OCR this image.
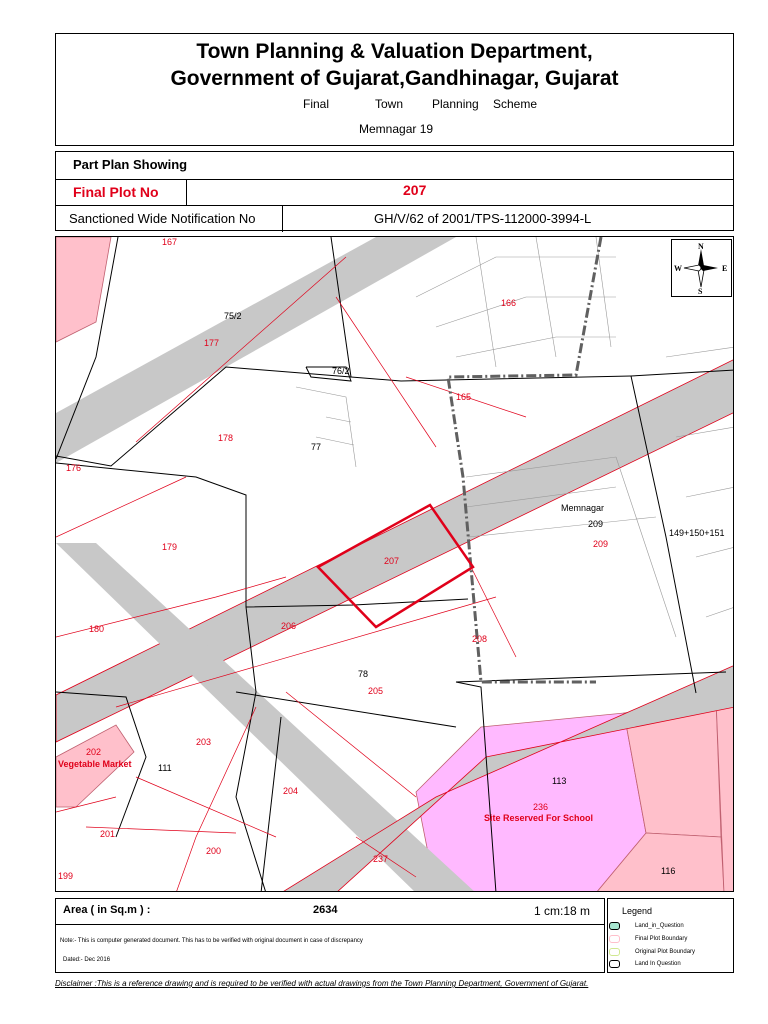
Town Planning & Valuation Department,
Government of Gujarat,Gandhinagar, Gujarat
Final	Town Planning Scheme
Memnagar 19
Part Plan Showing
Final Plot No	207
Sanctioned Wide Notification No	GH/V/62 of 2001/TPS-112000-3994-L
167
75/2
177
166
76/2
165
178
77
176
Memnagar
209
209
149+150+151
179
207
180	206
208
78
205
202
Vegetable Market	111
203
113
236
Site Reserved For School
204
201
200
237
199	116
N
S
W	E
Area ( in Sq.m ) :	2634	1 cm:18 m
Note:- This is computer generated document. This has to be verified with original document in case of discrepancy
Dated:- Dec 2016
Legend
Land_in_Question
Final Plot Boundary
Original Plot Boundary
Land In Question
Disclaimer :This is a reference drawing and is required to be verified with actual drawings from the Town Planning Department, Government of Gujarat.
